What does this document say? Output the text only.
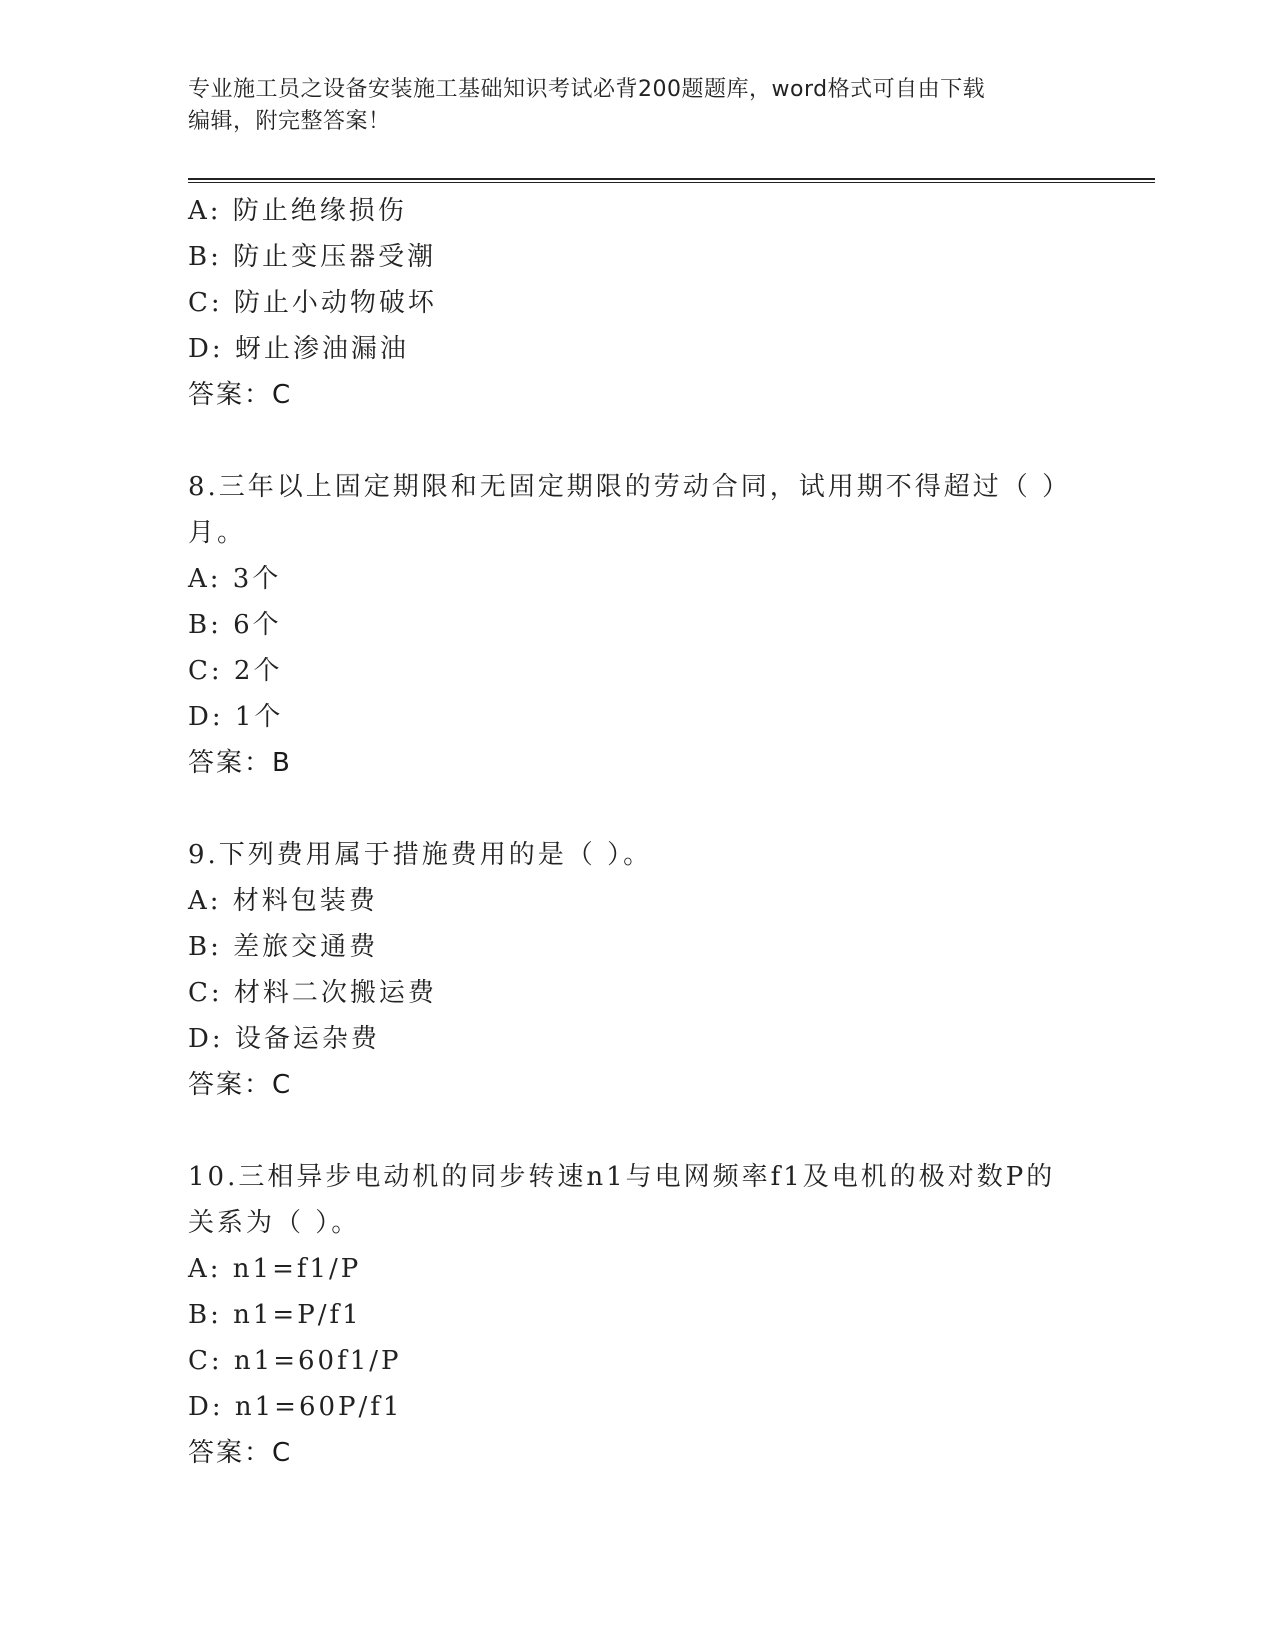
专业施工员之设备安装施工基础知识考试必背200题题库，word格式可自由下载
编辑，附完整答案！
A: 防止绝缘损伤
B: 防止变压器受潮
C: 防止小动物破坏
D: 蚜止渗油漏油
答案：C
8.三年以上固定期限和无固定期限的劳动合同，试用期不得超过（ ）
月。
A: 3个
B: 6个
C: 2个
D: 1个
答案：B
9.下列费用属于措施费用的是（ ）。
A: 材料包装费
B: 差旅交通费
C: 材料二次搬运费
D: 设备运杂费
答案：C
10.三相异步电动机的同步转速n1与电网频率f1及电机的极对数P的
关系为（ ）。
A: n1=f1/P
B: n1=P/f1
C: n1=60f1/P
D: n1=60P/f1
答案：C
